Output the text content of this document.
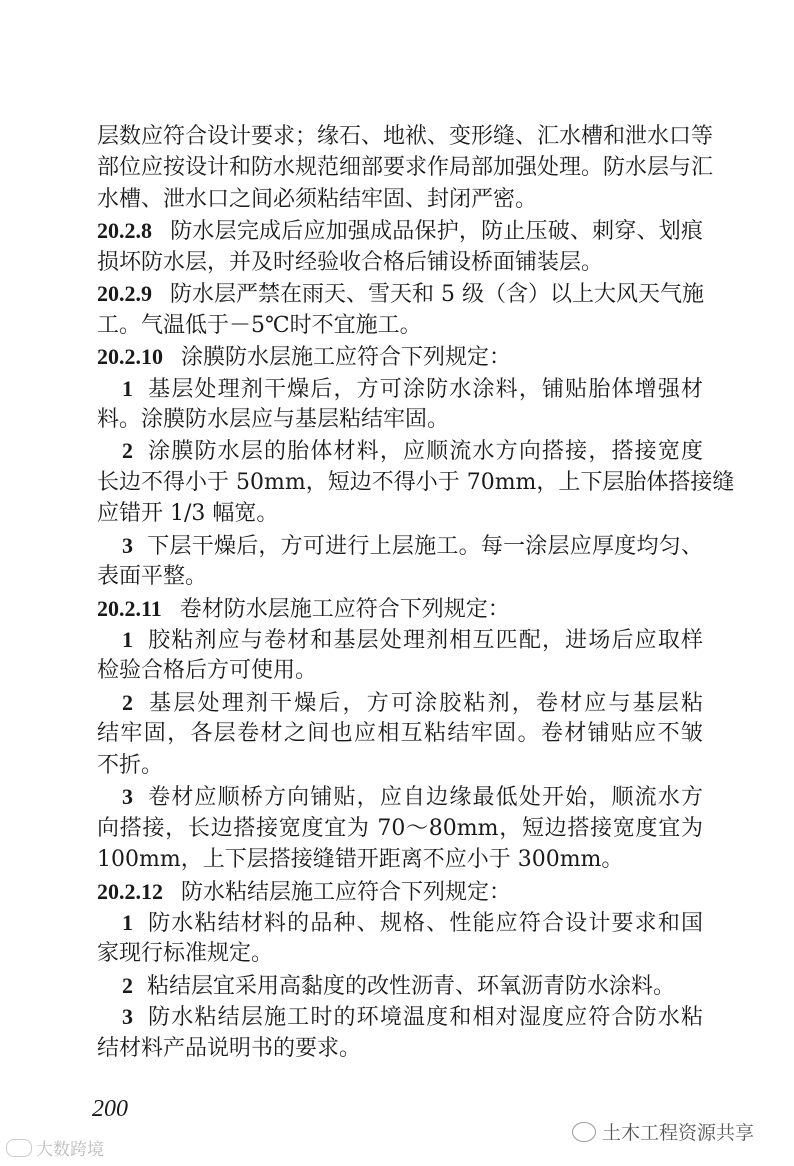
层数应符合设计要求；缘石、地袱、变形缝、汇水槽和泄水口等
部位应按设计和防水规范细部要求作局部加强处理。防水层与汇
水槽、泄水口之间必须粘结牢固、封闭严密。
20.2.8 防水层完成后应加强成品保护，防止压破、刺穿、划痕
损坏防水层，并及时经验收合格后铺设桥面铺装层。
20.2.9 防水层严禁在雨天、雪天和 5 级（含）以上大风天气施
工。气温低于－5℃时不宜施工。
20.2.10 涂膜防水层施工应符合下列规定：
1 基层处理剂干燥后，方可涂防水涂料，铺贴胎体增强材
料。涂膜防水层应与基层粘结牢固。
2 涂膜防水层的胎体材料，应顺流水方向搭接，搭接宽度
长边不得小于 50mm，短边不得小于 70mm，上下层胎体搭接缝
应错开 1/3 幅宽。
3 下层干燥后，方可进行上层施工。每一涂层应厚度均匀、
表面平整。
20.2.11 卷材防水层施工应符合下列规定：
1 胶粘剂应与卷材和基层处理剂相互匹配，进场后应取样
检验合格后方可使用。
2 基层处理剂干燥后，方可涂胶粘剂，卷材应与基层粘
结牢固，各层卷材之间也应相互粘结牢固。卷材铺贴应不皱
不折。
3 卷材应顺桥方向铺贴，应自边缘最低处开始，顺流水方
向搭接，长边搭接宽度宜为 70～80mm，短边搭接宽度宜为
100mm，上下层搭接缝错开距离不应小于 300mm。
20.2.12 防水粘结层施工应符合下列规定：
1 防水粘结材料的品种、规格、性能应符合设计要求和国
家现行标准规定。
2 粘结层宜采用高黏度的改性沥青、环氧沥青防水涂料。
3 防水粘结层施工时的环境温度和相对湿度应符合防水粘
结材料产品说明书的要求。
200
土木工程资源共享
大数跨境
